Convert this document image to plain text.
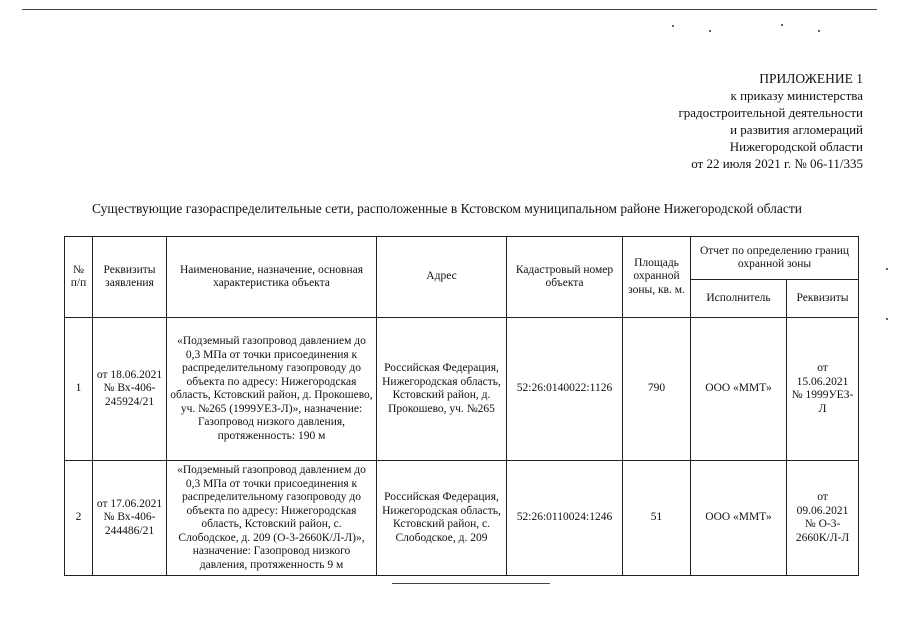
ПРИЛОЖЕНИЕ 1
к приказу министерства
градостроительной деятельности
и развития агломераций
Нижегородской области
от 22 июля 2021 г. № 06-11/335
Существующие газораспределительные сети, расположенные в Кстовском муниципальном районе Нижегородской области
№ п/п	Реквизиты заявления	Наименование, назначение, основная характеристика объекта	Адрес	Кадастровый номер объекта	Площадь охранной зоны, кв. м.	Отчет по определению границ охранной зоны	
						Исполнитель	Реквизиты
1	от 18.06.2021 № Вх-406-245924/21	«Подземный газопровод давлением до 0,3 МПа от точки присоединения к распределительному газопроводу до объекта по адресу: Нижегородская область, Кстовский район, д. Прокошево, уч. №265 (1999УЕЗ-Л)», назначение: Газопровод низкого давления, протяженность: 190 м	Российская Федерация, Нижегородская область, Кстовский район, д. Прокошево, уч. №265	52:26:0140022:1126	790	ООО «ММТ»	от 15.06.2021 № 1999УЕЗ-Л
2	от 17.06.2021 № Вх-406-244486/21	«Подземный газопровод давлением до 0,3 МПа от точки присоединения к распределительному газопроводу до объекта по адресу: Нижегородская область, Кстовский район, с. Слободское, д. 209 (О-3-2660К/Л-Л)», назначение: Газопровод низкого давления, протяженность 9 м	Российская Федерация, Нижегородская область, Кстовский район, с. Слободское, д. 209	52:26:0110024:1246	51	ООО «ММТ»	от 09.06.2021 № О-3-2660К/Л-Л
